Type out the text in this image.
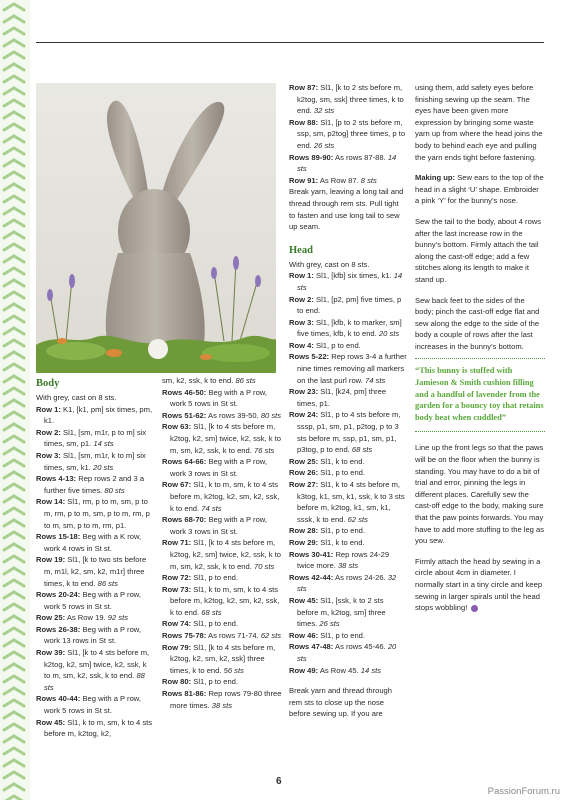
Body

With grey, cast on 8 sts.

Row 1: K1, [k1, pm] six times, pm, k1.

Row 2: Sl1, [sm, m1r, p to m] six times, sm, p1. 14 sts

Row 3: Sl1, [sm, m1r, k to m] six times, sm, k1. 20 sts

Rows 4-13: Rep rows 2 and 3 a further five times. 80 sts

Row 14: Sl1, rm, p to m, sm, p to m, rm, p to m, sm, p to m, rm, p to m, sm, p to m, rm, p1.

Rows 15-18: Beg with a K row, work 4 rows in St st.

Row 19: Sl1, [k to two sts before m, m1l, k2, sm, k2, m1r] three times, k to end. 86 sts

Rows 20-24: Beg with a P row, work 5 rows in St st.

Row 25: As Row 19. 92 sts

Rows 26-38: Beg with a P row, work 13 rows in St st.

Row 39: Sl1, [k to 4 sts before m, k2tog, k2, sm] twice, k2, ssk, k to m, sm, k2, ssk, k to end. 88 sts

Rows 40-44: Beg with a P row, work 5 rows in St st.

Row 45: Sl1, k to m, sm, k to 4 sts before m, k2tog, k2,

sm, k2, ssk, k to end. 86 sts

Rows 46-50: Beg with a P row, work 5 rows in St st.

Rows 51-62: As rows 39-50. 80 sts

Row 63: Sl1, [k to 4 sts before m, k2tog, k2, sm] twice, k2, ssk, k to m, sm, k2, ssk, k to end. 76 sts

Rows 64-66: Beg with a P row, work 3 rows in St st.

Row 67: Sl1, k to m, sm, k to 4 sts before m, k2tog, k2, sm, k2, ssk, k to end. 74 sts

Rows 68-70: Beg with a P row, work 3 rows in St st.

Row 71: Sl1, [k to 4 sts before m, k2tog, k2, sm] twice, k2, ssk, k to m, sm, k2, ssk, k to end. 70 sts

Row 72: Sl1, p to end.

Row 73: Sl1, k to m, sm, k to 4 sts before m, k2tog, k2, sm, k2, ssk, k to end. 68 sts

Row 74: Sl1, p to end.

Rows 75-78: As rows 71-74. 62 sts

Row 79: Sl1, [k to 4 sts before m, k2tog, k2, sm, k2, ssk] three times, k to end. 56 sts

Row 80: Sl1, p to end.

Rows 81-86: Rep rows 79-80 three more times. 38 sts

Row 87: Sl1, [k to 2 sts before m, k2tog, sm, ssk] three times, k to end. 32 sts

Row 88: Sl1, [p to 2 sts before m, ssp, sm, p2tog] three times, p to end. 26 sts

Rows 89-90: As rows 87-88. 14 sts

Row 91: As Row 87. 8 sts

Break yarn, leaving a long tail and thread through rem sts. Pull tight to fasten and use long tail to sew up seam.

Head

With grey, cast on 8 sts.

Row 1: Sl1, [kfb] six times, k1. 14 sts

Row 2: Sl1, [p2, pm] five times, p to end.

Row 3: Sl1, [kfb, k to marker, sm] five times, kfb, k to end. 20 sts

Row 4: Sl1, p to end.

Rows 5-22: Rep rows 3-4 a further nine times removing all markers on the last purl row. 74 sts

Row 23: Sl1, [k24, pm] three times, p1.

Row 24: Sl1, p to 4 sts before m, sssp, p1, sm, p1, p2tog, p to 3 sts before m, ssp, p1, sm, p1, p3tog, p to end. 68 sts

Row 25: Sl1, k to end.

Row 26: Sl1, p to end.

Row 27: Sl1, k to 4 sts before m, k3tog, k1, sm, k1, ssk, k to 3 sts before m, k2tog, k1, sm, k1, sssk, k to end. 62 sts

Row 28: Sl1, p to end.

Row 29: Sl1, k to end.

Rows 30-41: Rep rows 24-29 twice more. 38 sts

Rows 42-44: As rows 24-26. 32 sts

Row 45: Sl1, [ssk, k to 2 sts before m, k2tog, sm] three times. 26 sts

Row 46: Sl1, p to end.

Rows 47-48: As rows 45-46. 20 sts

Row 49: As Row 45. 14 sts

Break yarn and thread through rem sts to close up the nose before sewing up. If you are

using them, add safety eyes before finishing sewing up the seam. The eyes have been given more expression by bringing some waste yarn up from where the head joins the body to behind each eye and pulling the yarn ends tight before fastening.

Making up: Sew ears to the top of the head in a slight ‘U’ shape. Embroider a pink ‘Y’ for the bunny’s nose.

Sew the tail to the body, about 4 rows after the last increase row in the bunny’s bottom. Firmly attach the tail along the cast-off edge; add a few stitches along its length to make it stand up.

Sew back feet to the sides of the body; pinch the cast-off edge flat and sew along the edge to the side of the body a couple of rows after the last increases in the bunny’s bottom.

“This bunny is stuffed with Jamieson & Smith cushion filling and a handful of lavender from the garden for a bouncy toy that retains body heat when cuddled”

Line up the front legs so that the paws will be on the floor when the bunny is standing. You may have to do a bit of trial and error, pinning the legs in different places. Carefully sew the cast-off edge to the body, making sure that the paw points forwards. You may have to add more stuffing to the leg as you sew.

Firmly attach the head by sewing in a circle about 4cm in diameter. I normally start in a tiny circle and keep sewing in larger spirals until the head stops wobbling!

6
PassionForum.ru
